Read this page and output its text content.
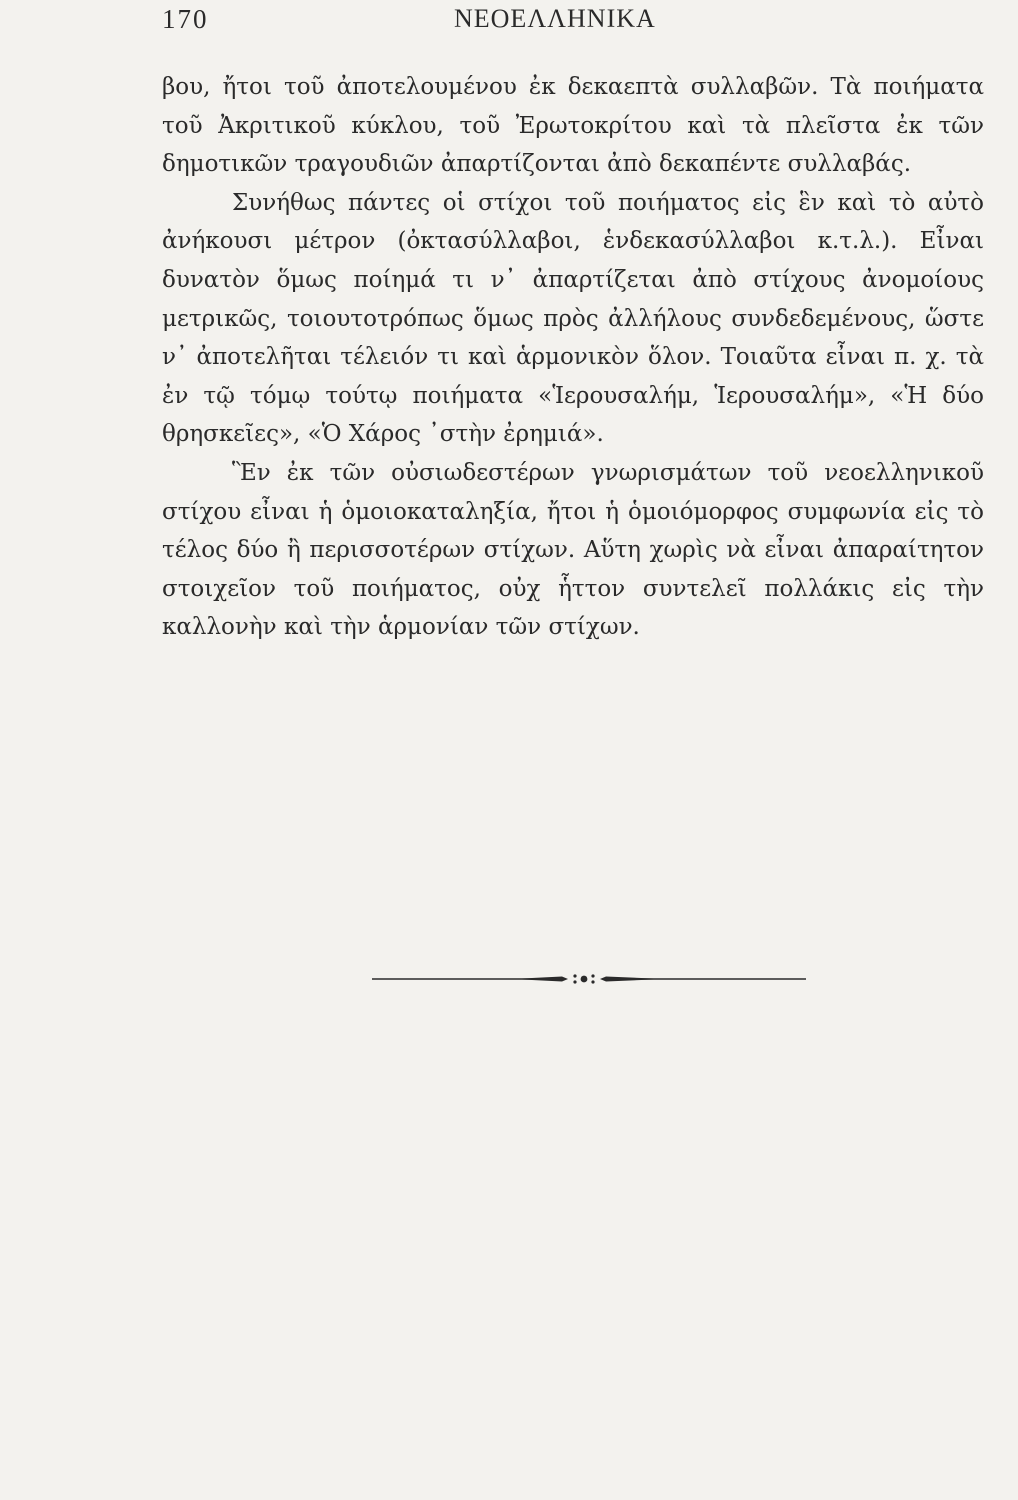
170	ΝΕΟΕΛΛΗΝΙΚΑ

βου, ἤτοι τοῦ ἀποτελουμένου ἐκ δεκαεπτὰ συλλαβῶν. Τὰ ποιήματα τοῦ Ἀκριτικοῦ κύκλου, τοῦ Ἐρωτοκρίτου καὶ τὰ πλεῖστα ἐκ τῶν δημοτικῶν τραγουδιῶν ἀπαρτίζονται ἀπὸ δεκαπέντε συλλαβάς.

Συνήθως πάντες οἱ στίχοι τοῦ ποιήματος εἰς ἓν καὶ τὸ αὐτὸ ἀνήκουσι μέτρον (ὀκτασύλλαβοι, ἑνδεκασύλλαβοι κ.τ.λ.). Εἶναι δυνατὸν ὅμως ποίημά τι ν᾽ ἀπαρτίζεται ἀπὸ στίχους ἀνομοίους μετρικῶς, τοιουτοτρόπως ὅμως πρὸς ἀλλήλους συνδεδεμένους, ὥστε ν᾽ ἀποτελῆται τέλειόν τι καὶ ἁρμονικὸν ὅλον. Τοιαῦτα εἶναι π. χ. τὰ ἐν τῷ τόμῳ τούτῳ ποιήματα «Ἱερουσαλήμ, Ἱερουσαλήμ», «Ἡ δύο θρησκεῖες», «Ὁ Χάρος ᾽στὴν ἐρημιά».

Ἓν ἐκ τῶν οὐσιωδεστέρων γνωρισμάτων τοῦ νεοελληνικοῦ στίχου εἶναι ἡ ὁμοιοκαταληξία, ἤτοι ἡ ὁμοιόμορφος συμφωνία εἰς τὸ τέλος δύο ἢ περισσοτέρων στίχων. Αὕτη χωρὶς νὰ εἶναι ἀπαραίτητον στοιχεῖον τοῦ ποιήματος, οὐχ ἧττον συντελεῖ πολλάκις εἰς τὴν καλλονὴν καὶ τὴν ἁρμονίαν τῶν στίχων.
